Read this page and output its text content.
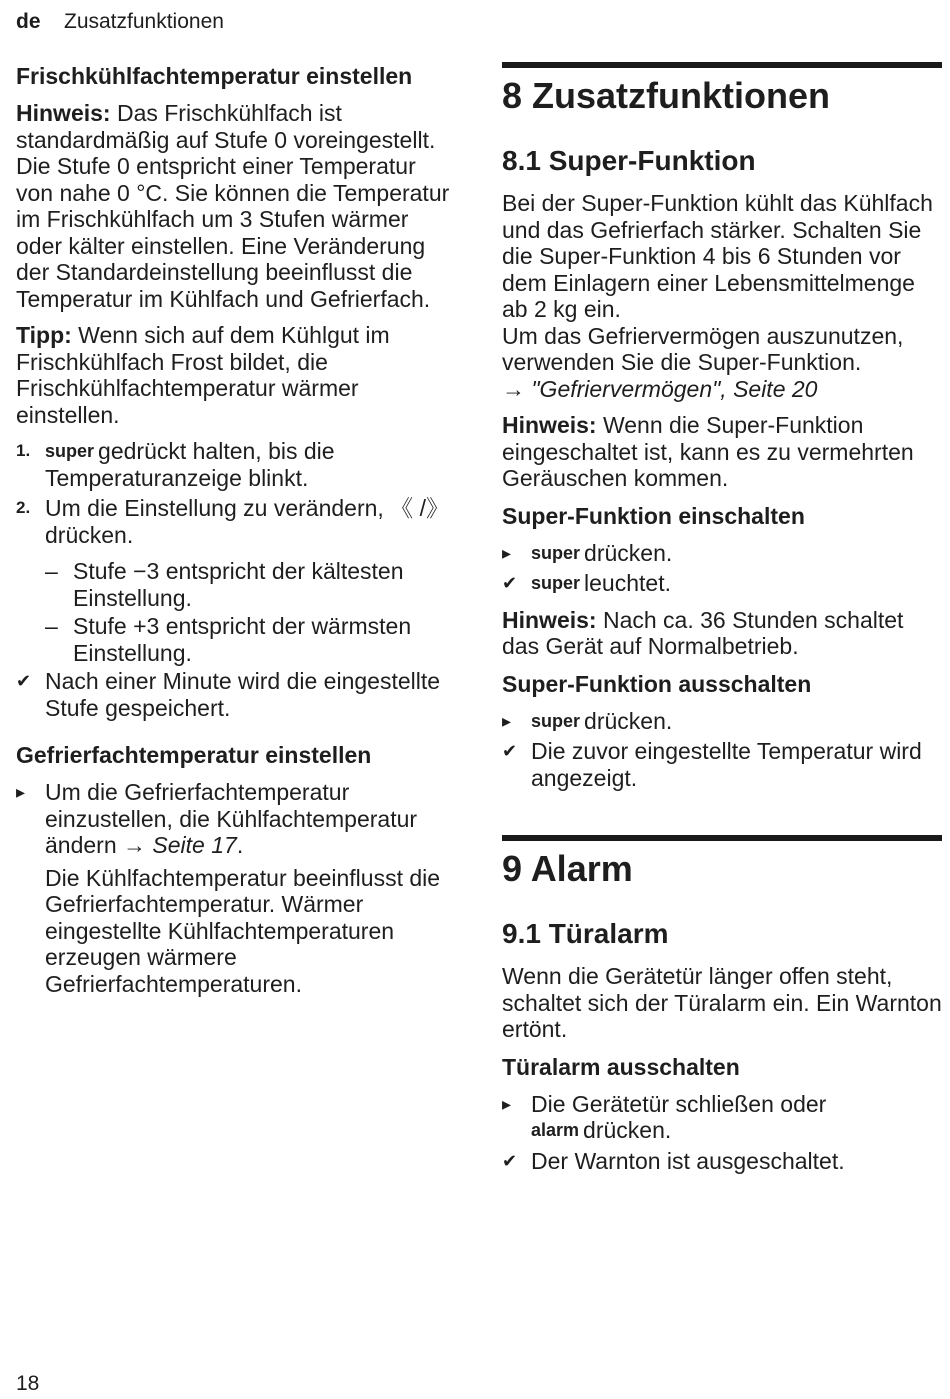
de Zusatzfunktionen
Frischkühlfachtemperatur einstellen

Hinweis: Das Frischkühlfach ist standardmäßig auf Stufe 0 voreingestellt. Die Stufe 0 entspricht einer Temperatur von nahe 0 °C. Sie können die Temperatur im Frischkühlfach um 3 Stufen wärmer oder kälter einstellen. Eine Veränderung der Standardeinstellung beeinflusst die Temperatur im Kühlfach und Gefrierfach.

Tipp: Wenn sich auf dem Kühlgut im Frischkühlfach Frost bildet, die Frischkühlfachtemperatur wärmer einstellen.

1. super gedrückt halten, bis die Temperaturanzeige blinkt.
2. Um die Einstellung zu verändern, 《 /》 drücken.
– Stufe −3 entspricht der kältesten Einstellung.
– Stufe +3 entspricht der wärmsten Einstellung.
✔ Nach einer Minute wird die eingestellte Stufe gespeichert.
Gefrierfachtemperatur einstellen
▸ Um die Gefrierfachtemperatur einzustellen, die Kühlfachtemperatur ändern → Seite 17.
Die Kühlfachtemperatur beeinflusst die Gefrierfachtemperatur. Wärmer eingestellte Kühlfachtemperaturen erzeugen wärmere Gefrierfachtemperaturen.
8 Zusatzfunktionen
8.1 Super-Funktion

Bei der Super-Funktion kühlt das Kühlfach und das Gefrierfach stärker. Schalten Sie die Super-Funktion 4 bis 6 Stunden vor dem Einlagern einer Lebensmittelmenge ab 2 kg ein.

Um das Gefriervermögen auszunutzen, verwenden Sie die Super-Funktion.

→ "Gefriervermögen", Seite 20

Hinweis: Wenn die Super-Funktion eingeschaltet ist, kann es zu vermehrten Geräuschen kommen.

Super-Funktion einschalten
▸	super drücken.
✔ super leuchtet.

Hinweis: Nach ca. 36 Stunden schaltet das Gerät auf Normalbetrieb.

Super-Funktion ausschalten
▸	super drücken.
✔ Die zuvor eingestellte Temperatur wird angezeigt.
9 Alarm
9.1 Türalarm

Wenn die Gerätetür länger offen steht, schaltet sich der Türalarm ein. Ein Warnton ertönt.

Türalarm ausschalten
▸ Die Gerätetür schließen oder alarm drücken.
✔ Der Warnton ist ausgeschaltet.
18
